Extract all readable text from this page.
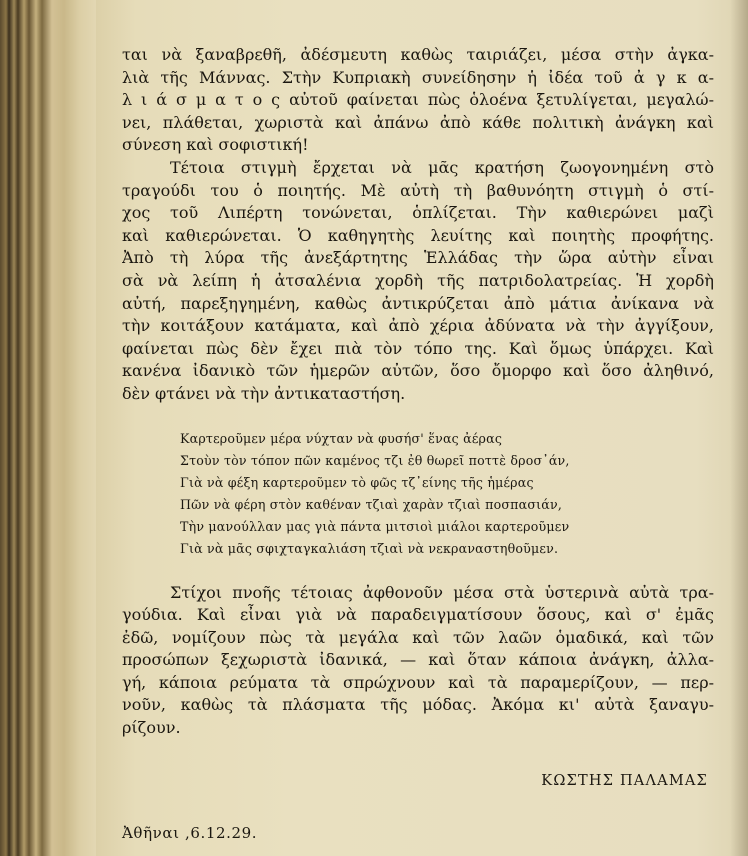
ται νὰ ξαναβρεθῆ, ἀδέσμευτη καθὼς ταιριάζει, μέσα στὴν ἀγκα-
λιὰ τῆς Μάννας. Στὴν Κυπριακὴ συνείδησην ἡ ἰδέα τοῦ ἀ γ κ α-
λ ι ά σ μ α τ ο ς αὐτοῦ φαίνεται πὼς ὁλοένα ξετυλίγεται, μεγαλώ-
νει, πλάθεται, χωριστὰ καὶ ἀπάνω ἀπὸ κάθε πολιτικὴ ἀνάγκη καὶ
σύνεση καὶ σοφιστική!

Τέτοια στιγμὴ ἔρχεται νὰ μᾶς κρατήση ζωογονημένη στὸ
τραγούδι του ὁ ποιητής. Μὲ αὐτὴ τὴ βαθυνόητη στιγμὴ ὁ στί-
χος τοῦ Λιπέρτη τονώνεται, ὁπλίζεται. Τὴν καθιερώνει μαζὶ
καὶ καθιερώνεται. Ὁ καθηγητὴς λευίτης καὶ ποιητὴς προφήτης.
Ἀπὸ τὴ λύρα τῆς ἀνεξάρτητης Ἑλλάδας τὴν ὥρα αὐτὴν εἶναι
σὰ νὰ λείπη ἡ ἀτσαλένια χορδὴ τῆς πατριδολατρείας. Ἡ χορδὴ
αὐτή, παρεξηγημένη, καθὼς ἀντικρύζεται ἀπὸ μάτια ἀνίκανα νὰ
τὴν κοιτάξουν κατάματα, καὶ ἀπὸ χέρια ἀδύνατα νὰ τὴν ἀγγίξουν,
φαίνεται πὼς δὲν ἔχει πιὰ τὸν τόπο της. Καὶ ὅμως ὑπάρχει. Καὶ
κανένα ἰδανικὸ τῶν ἡμερῶν αὐτῶν, ὅσο ὄμορφο καὶ ὅσο ἀληθινό,
δὲν φτάνει νὰ τὴν ἀντικαταστήση.

Καρτεροῦμεν μέρα νύχταν νὰ φυσήσ' ἕνας ἀέρας
Στοὺν τὸν τόπον πῶν καμένος τζι ἐθ θωρεῖ ποττὲ δροσ᾽άν,
Γιὰ νὰ φέξη καρτεροῦμεν τὸ φῶς τζ᾽είνης τῆς ἡμέρας
Πῶν νὰ φέρη στὸν καθέναν τζιαὶ χαρὰν τζιαὶ ποσπασιάν,
Τὴν μανούλλαν μας γιὰ πάντα μιτσιοὶ μιάλοι καρτεροῦμεν
Γιὰ νὰ μᾶς σφιχταγκαλιάση τζιαὶ νὰ νεκραναστηθοῦμεν.

Στίχοι πνοῆς τέτοιας ἀφθονοῦν μέσα στὰ ὑστερινὰ αὐτὰ τρα-
γούδια. Καὶ εἶναι γιὰ νὰ παραδειγματίσουν ὅσους, καὶ σ' ἐμᾶς
ἐδῶ, νομίζουν πὼς τὰ μεγάλα καὶ τῶν λαῶν ὁμαδικά, καὶ τῶν
προσώπων ξεχωριστὰ ἰδανικά, — καὶ ὅταν κάποια ἀνάγκη, ἀλλα-
γή, κάποια ρεύματα τὰ σπρώχνουν καὶ τὰ παραμερίζουν, — περ-
νοῦν, καθὼς τὰ πλάσματα τῆς μόδας. Ἀκόμα κι' αὐτὰ ξαναγυ-
ρίζουν.

ΚΩΣΤΗΣ ΠΑΛΑΜΑΣ
Ἀθῆναι ,6.12.29.
